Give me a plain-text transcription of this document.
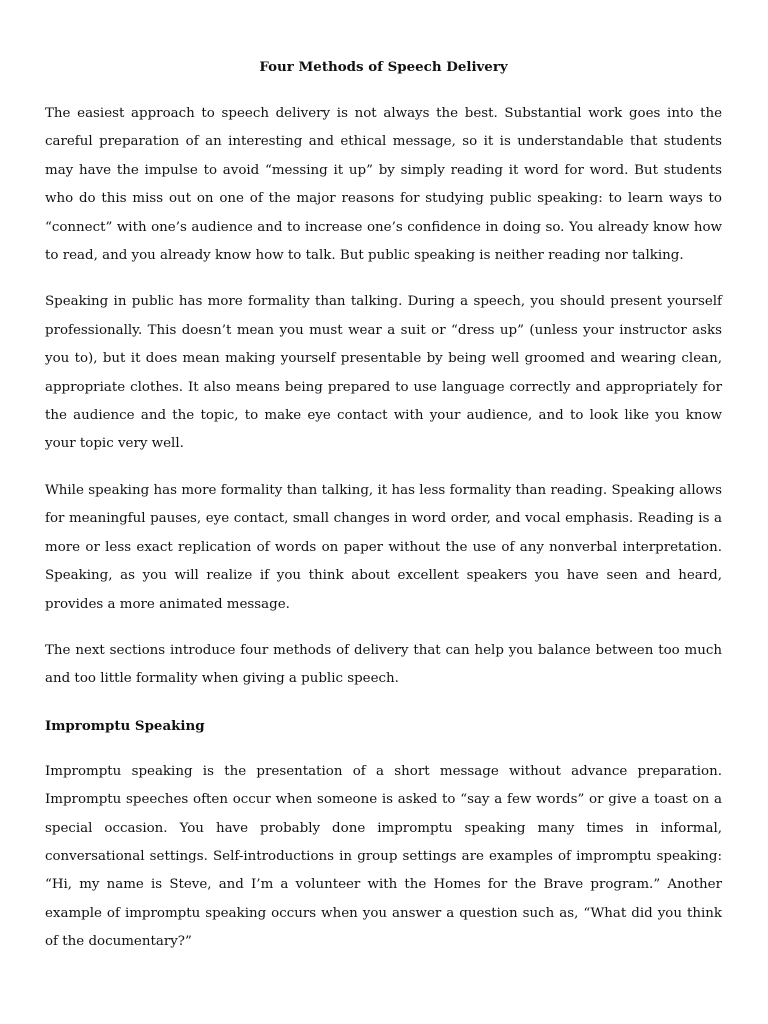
Four Methods of Speech Delivery

The easiest approach to speech delivery is not always the best. Substantial work goes into the careful preparation of an interesting and ethical message, so it is understandable that students may have the impulse to avoid “messing it up” by simply reading it word for word. But students who do this miss out on one of the major reasons for studying public speaking: to learn ways to “connect” with one’s audience and to increase one’s confidence in doing so. You already know how to read, and you already know how to talk. But public speaking is neither reading nor talking.

Speaking in public has more formality than talking. During a speech, you should present yourself professionally. This doesn’t mean you must wear a suit or “dress up” (unless your instructor asks you to), but it does mean making yourself presentable by being well groomed and wearing clean, appropriate clothes. It also means being prepared to use language correctly and appropriately for the audience and the topic, to make eye contact with your audience, and to look like you know your topic very well.

While speaking has more formality than talking, it has less formality than reading. Speaking allows for meaningful pauses, eye contact, small changes in word order, and vocal emphasis. Reading is a more or less exact replication of words on paper without the use of any nonverbal interpretation. Speaking, as you will realize if you think about excellent speakers you have seen and heard, provides a more animated message.

The next sections introduce four methods of delivery that can help you balance between too much and too little formality when giving a public speech.

Impromptu Speaking

Impromptu speaking is the presentation of a short message without advance preparation. Impromptu speeches often occur when someone is asked to “say a few words” or give a toast on a special occasion. You have probably done impromptu speaking many times in informal, conversational settings. Self-introductions in group settings are examples of impromptu speaking: “Hi, my name is Steve, and I’m a volunteer with the Homes for the Brave program.” Another example of impromptu speaking occurs when you answer a question such as, “What did you think of the documentary?”
